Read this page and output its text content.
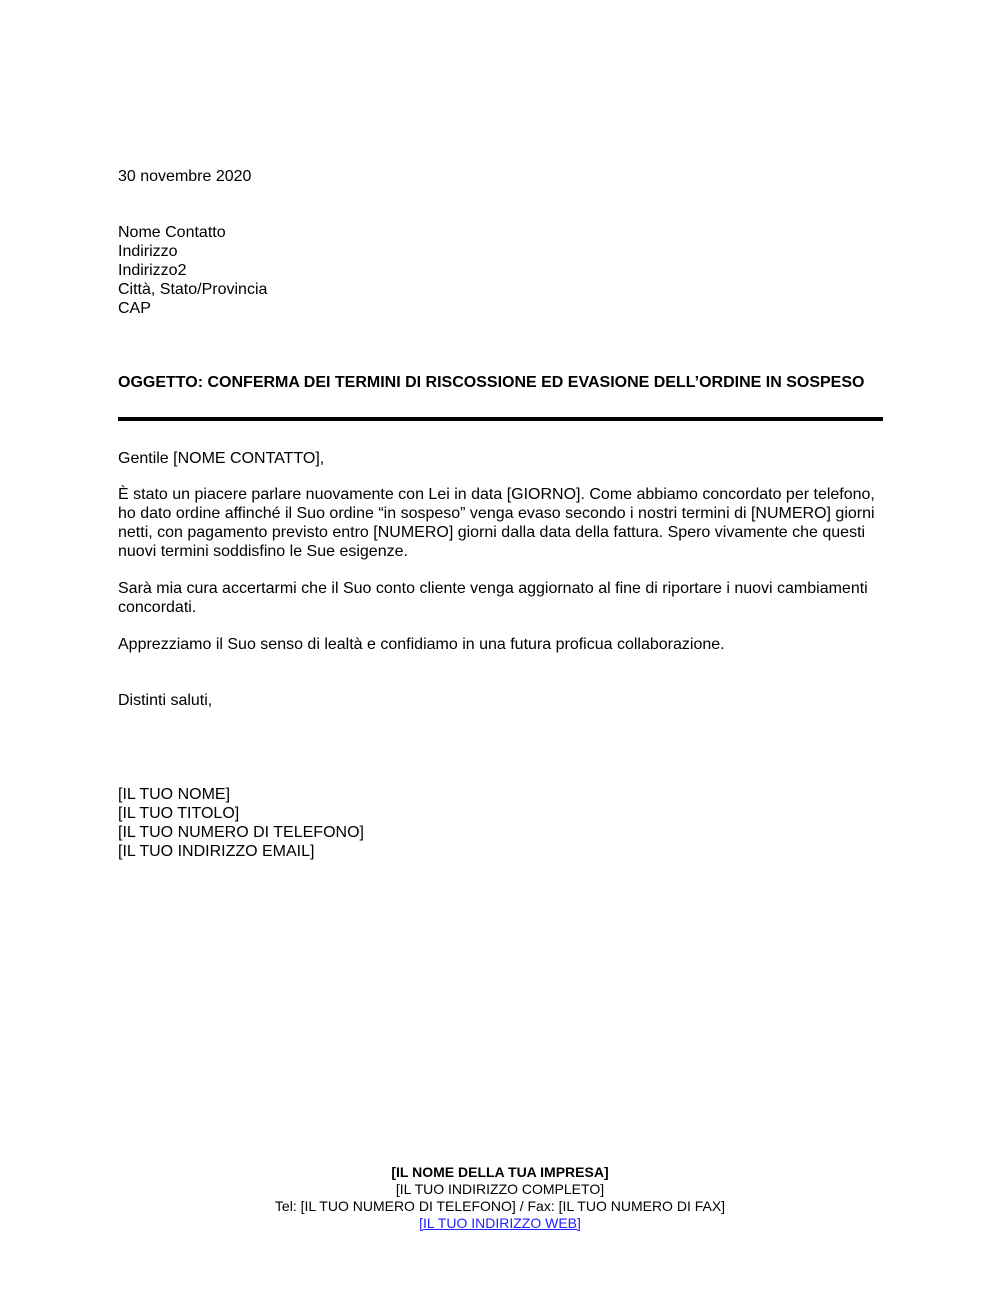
30 novembre 2020
Nome Contatto
Indirizzo
Indirizzo2
Città, Stato/Provincia
CAP
OGGETTO: CONFERMA DEI TERMINI DI RISCOSSIONE ED EVASIONE DELL’ORDINE IN SOSPESO
Gentile [NOME CONTATTO],
È stato un piacere parlare nuovamente con Lei in data [GIORNO]. Come abbiamo concordato per telefono, ho dato ordine affinché il Suo ordine “in sospeso” venga evaso secondo i nostri termini di [NUMERO] giorni netti, con pagamento previsto entro [NUMERO] giorni dalla data della fattura. Spero vivamente che questi nuovi termini soddisfino le Sue esigenze.
Sarà mia cura accertarmi che il Suo conto cliente venga aggiornato al fine di riportare i nuovi cambiamenti concordati.
Apprezziamo il Suo senso di lealtà e confidiamo in una futura proficua collaborazione.
Distinti saluti,
[IL TUO NOME]
[IL TUO TITOLO]
[IL TUO NUMERO DI TELEFONO]
[IL TUO INDIRIZZO EMAIL]
[IL NOME DELLA TUA IMPRESA]
[IL TUO INDIRIZZO COMPLETO]
Tel: [IL TUO NUMERO DI TELEFONO] / Fax: [IL TUO NUMERO DI FAX]
[IL TUO INDIRIZZO WEB]
